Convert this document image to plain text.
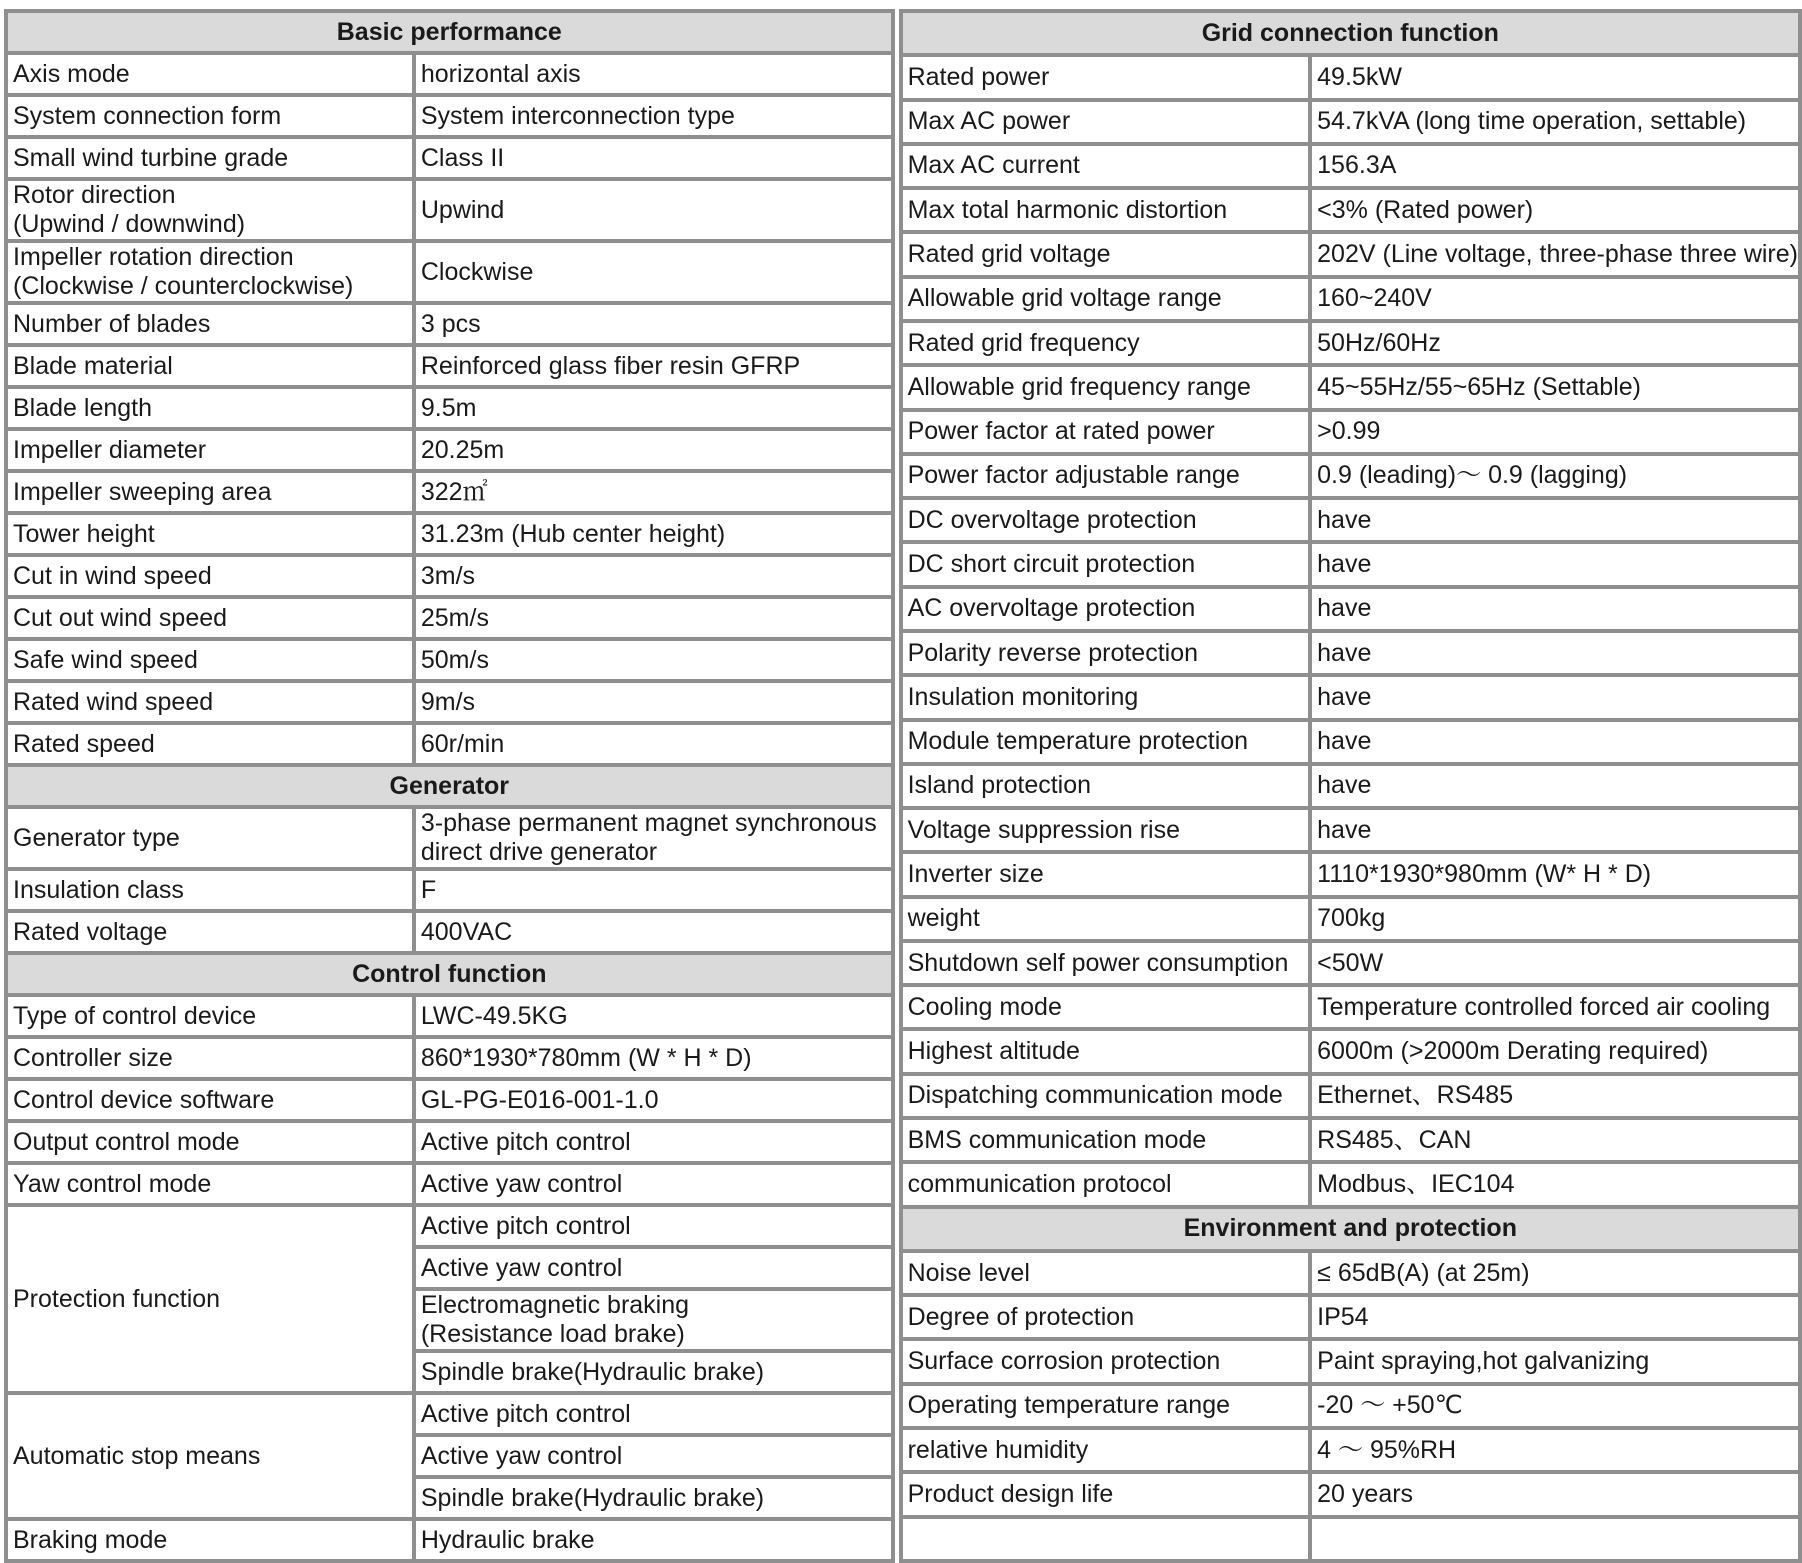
Basic performance	
Axis mode	horizontal axis
System connection form	System interconnection type
Small wind turbine grade	Class II
Rotor direction
(Upwind / downwind)	Upwind
Impeller rotation direction
(Clockwise / counterclockwise)	Clockwise
Number of blades	3 pcs
Blade material	Reinforced glass fiber resin GFRP
Blade length	9.5m
Impeller diameter	20.25m
Impeller sweeping area	322㎡
Tower height	31.23m (Hub center height)
Cut in wind speed	3m/s
Cut out wind speed	25m/s
Safe wind speed	50m/s
Rated wind speed	9m/s
Rated speed	60r/min
Generator	
Generator type	3-phase permanent magnet synchronous
direct drive generator
Insulation class	F
Rated voltage	400VAC
Control function	
Type of control device	LWC-49.5KG
Controller size	860*1930*780mm (W * H * D)
Control device software	GL-PG-E016-001-1.0
Output control mode	Active pitch control
Yaw control mode	Active yaw control
Protection function	Active pitch control
	Active yaw control
	Electromagnetic braking
(Resistance load brake)
	Spindle brake(Hydraulic brake)
Automatic stop means	Active pitch control
	Active yaw control
	Spindle brake(Hydraulic brake)
Braking mode	Hydraulic brake
Grid connection function	
Rated power	49.5kW
Max AC power	54.7kVA (long time operation, settable)
Max AC current	156.3A
Max total harmonic distortion	<3% (Rated power)
Rated grid voltage	202V (Line voltage, three-phase three wire)
Allowable grid voltage range	160~240V
Rated grid frequency	50Hz/60Hz
Allowable grid frequency range	45~55Hz/55~65Hz (Settable)
Power factor at rated power	>0.99
Power factor adjustable range	0.9 (leading)～ 0.9 (lagging)
DC overvoltage protection	have
DC short circuit protection	have
AC overvoltage protection	have
Polarity reverse protection	have
Insulation monitoring	have
Module temperature protection	have
Island protection	have
Voltage suppression rise	have
Inverter size	1110*1930*980mm (W* H * D)
weight	700kg
Shutdown self power consumption	<50W
Cooling mode	Temperature controlled forced air cooling
Highest altitude	6000m (>2000m Derating required)
Dispatching communication mode	Ethernet、RS485
BMS communication mode	RS485、CAN
communication protocol	Modbus、IEC104
Environment and protection	
Noise level	≤ 65dB(A) (at 25m)
Degree of protection	IP54
Surface corrosion protection	Paint spraying,hot galvanizing
Operating temperature range	-20 ～ +50℃
relative humidity	4 ～ 95%RH
Product design life	20 years
